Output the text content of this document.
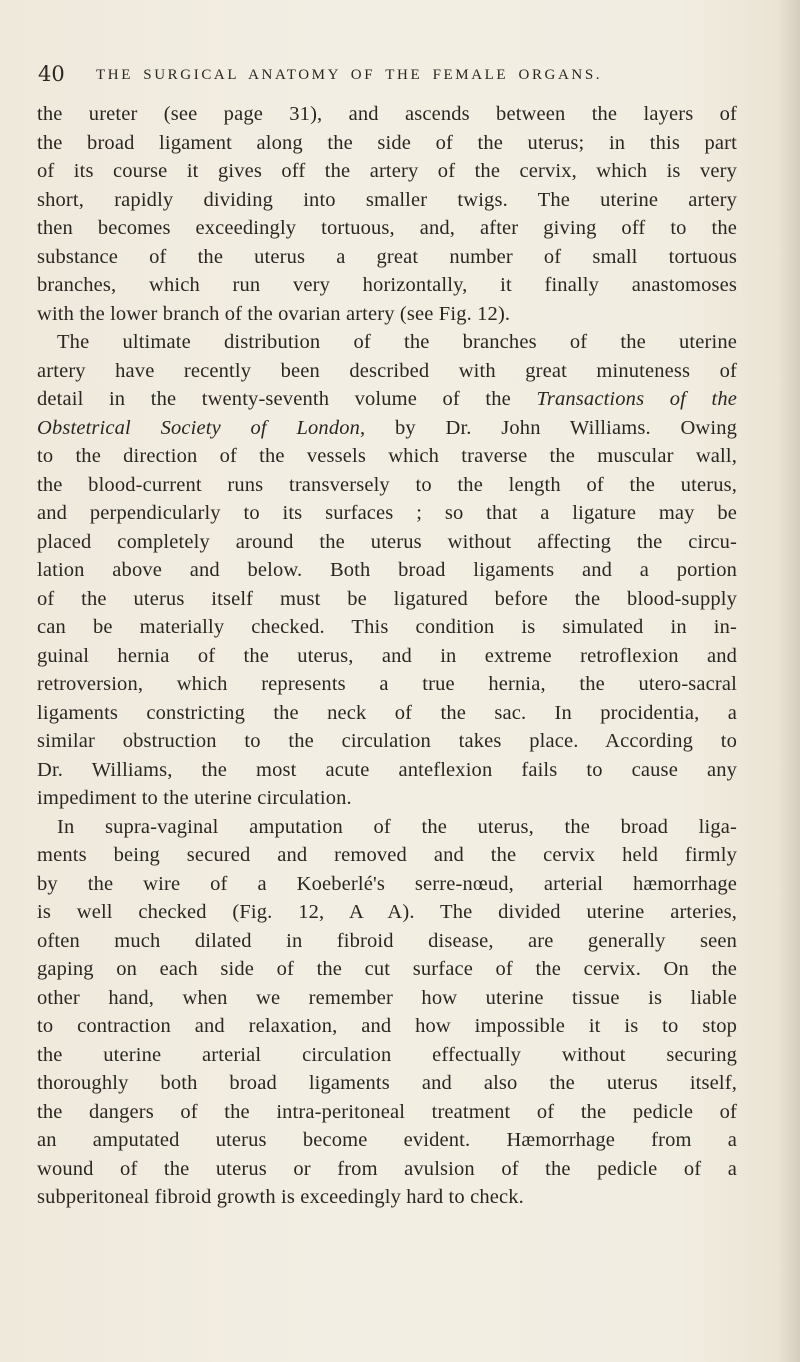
40 THE SURGICAL ANATOMY OF THE FEMALE ORGANS.
the ureter (see page 31), and ascends between the layers of
the broad ligament along the side of the uterus; in this part
of its course it gives off the artery of the cervix, which is very
short, rapidly dividing into smaller twigs. The uterine artery
then becomes exceedingly tortuous, and, after giving off to the
substance of the uterus a great number of small tortuous
branches, which run very horizontally, it finally anastomoses
with the lower branch of the ovarian artery (see Fig. 12).
The ultimate distribution of the branches of the uterine
artery have recently been described with great minuteness of
detail in the twenty-seventh volume of the Transactions of the
Obstetrical Society of London, by Dr. John Williams. Owing
to the direction of the vessels which traverse the muscular wall,
the blood-current runs transversely to the length of the uterus,
and perpendicularly to its surfaces ; so that a ligature may be
placed completely around the uterus without affecting the circu-
lation above and below. Both broad ligaments and a portion
of the uterus itself must be ligatured before the blood-supply
can be materially checked. This condition is simulated in in-
guinal hernia of the uterus, and in extreme retroflexion and
retroversion, which represents a true hernia, the utero-sacral
ligaments constricting the neck of the sac. In procidentia, a
similar obstruction to the circulation takes place. According to
Dr. Williams, the most acute anteflexion fails to cause any
impediment to the uterine circulation.
In supra-vaginal amputation of the uterus, the broad liga-
ments being secured and removed and the cervix held firmly
by the wire of a Koeberlé's serre-nœud, arterial hæmorrhage
is well checked (Fig. 12, A A). The divided uterine arteries,
often much dilated in fibroid disease, are generally seen
gaping on each side of the cut surface of the cervix. On the
other hand, when we remember how uterine tissue is liable
to contraction and relaxation, and how impossible it is to stop
the uterine arterial circulation effectually without securing
thoroughly both broad ligaments and also the uterus itself,
the dangers of the intra-peritoneal treatment of the pedicle of
an amputated uterus become evident. Hæmorrhage from a
wound of the uterus or from avulsion of the pedicle of a
subperitoneal fibroid growth is exceedingly hard to check.
